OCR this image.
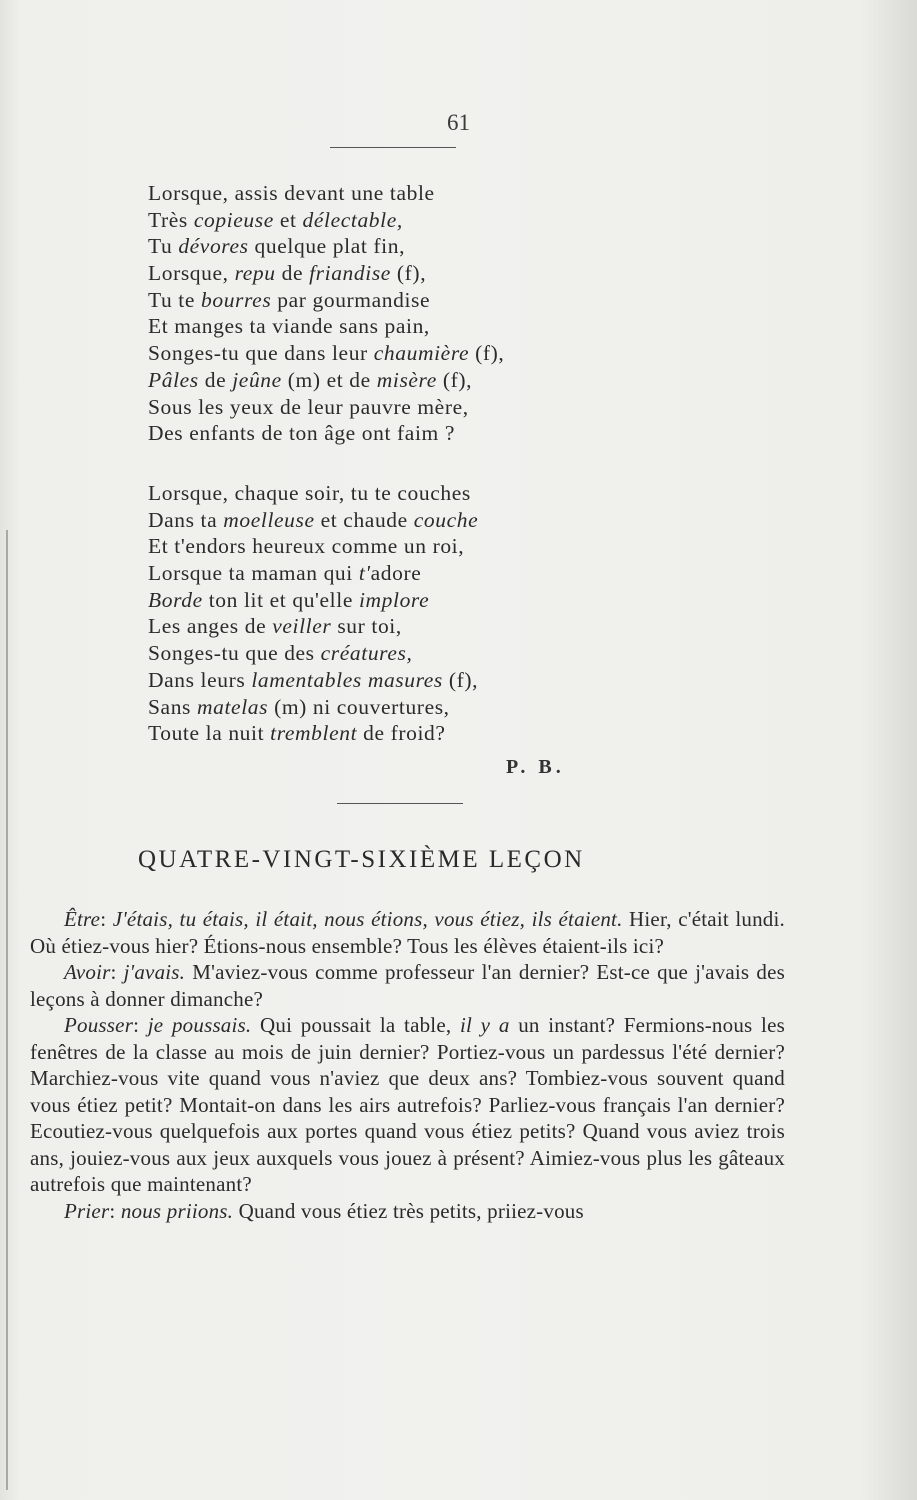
61
Lorsque, assis devant une table
Très copieuse et délectable,
Tu dévores quelque plat fin,
Lorsque, repu de friandise (f),
Tu te bourres par gourmandise
Et manges ta viande sans pain,
Songes-tu que dans leur chaumière (f),
Pâles de jeûne (m) et de misère (f),
Sous les yeux de leur pauvre mère,
Des enfants de ton âge ont faim ?
Lorsque, chaque soir, tu te couches
Dans ta moelleuse et chaude couche
Et t'endors heureux comme un roi,
Lorsque ta maman qui t'adore
Borde ton lit et qu'elle implore
Les anges de veiller sur toi,
Songes-tu que des créatures,
Dans leurs lamentables masures (f),
Sans matelas (m) ni couvertures,
Toute la nuit tremblent de froid?
P. B.
QUATRE-VINGT-SIXIÈME LEÇON

Être: J'étais, tu étais, il était, nous étions, vous étiez, ils étaient. Hier, c'était lundi. Où étiez-vous hier? Étions-nous ensemble? Tous les élèves étaient-ils ici?

Avoir: j'avais. M'aviez-vous comme professeur l'an dernier? Est-ce que j'avais des leçons à donner dimanche?

Pousser: je poussais. Qui poussait la table, il y a un instant? Fermions-nous les fenêtres de la classe au mois de juin dernier? Portiez-vous un pardessus l'été dernier? Marchiez-vous vite quand vous n'aviez que deux ans? Tombiez-vous souvent quand vous étiez petit? Montait-on dans les airs autrefois? Parliez-vous français l'an dernier? Ecoutiez-vous quelquefois aux portes quand vous étiez petits? Quand vous aviez trois ans, jouiez-vous aux jeux auxquels vous jouez à présent? Aimiez-vous plus les gâteaux autrefois que maintenant?

Prier: nous priions. Quand vous étiez très petits, priiez-vous
